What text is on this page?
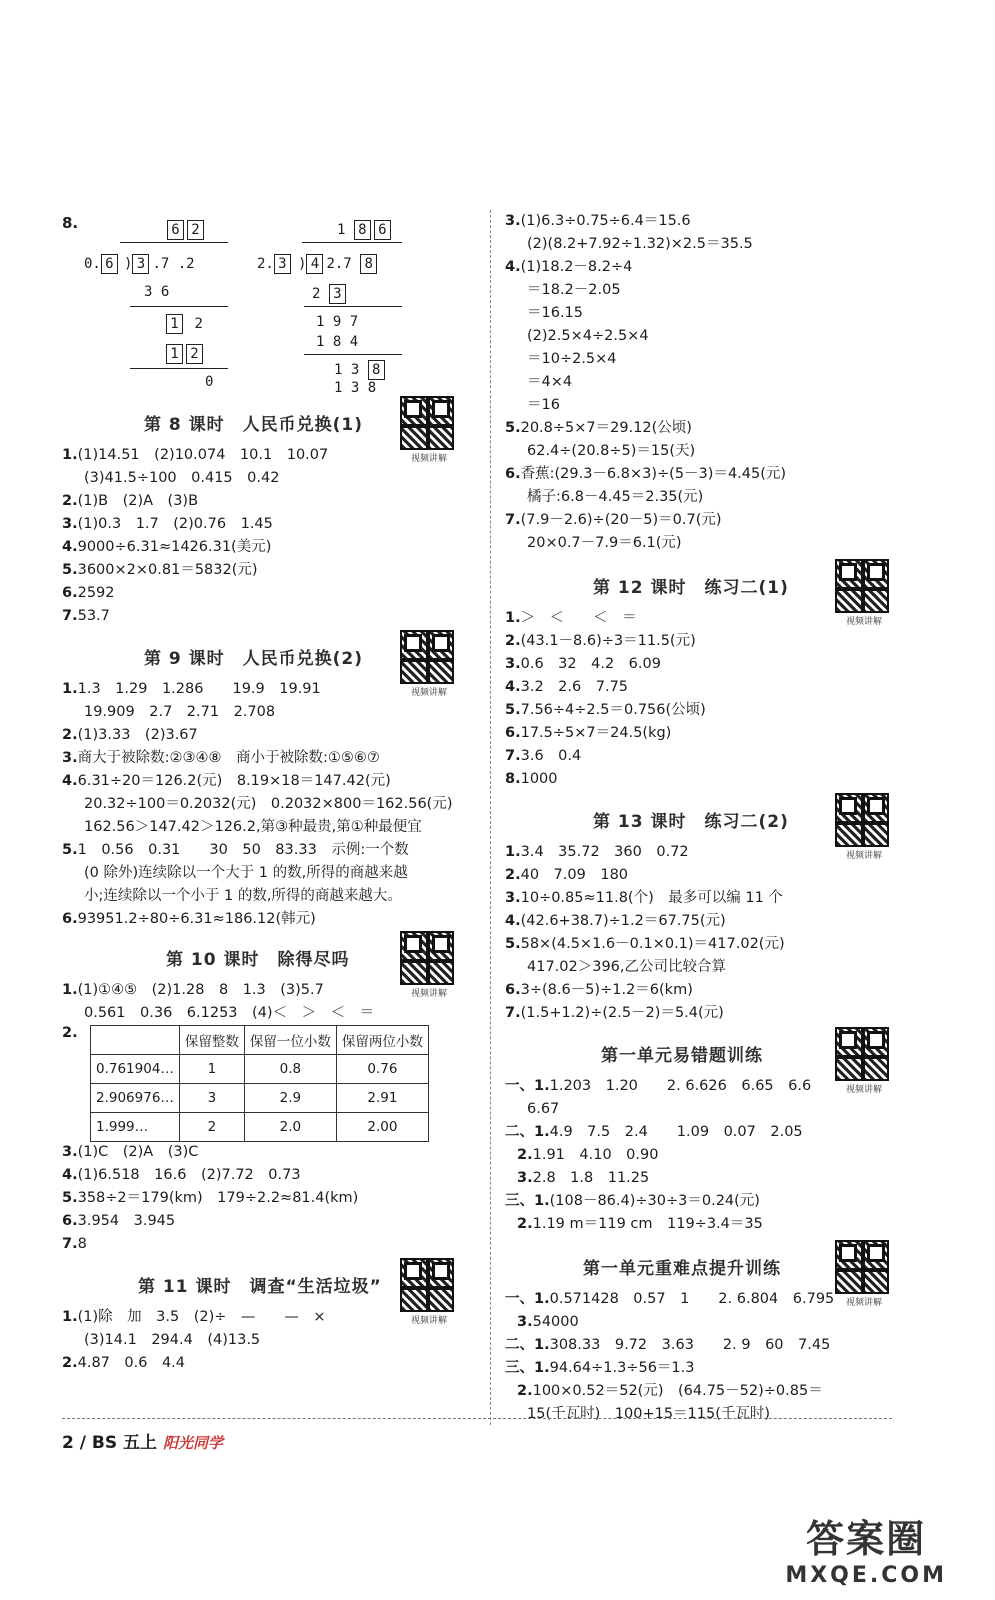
8.	6 2
0. 6 ) 3 .7 .2
3 6
1 2
1 2
0
1 8 6
2. 3 ) 4 2.7 8
2 3
1 9 7
1 8 4
1 3 8
1 3 8
第 8 课时　人民币兑换(1)
视频讲解
1.(1)14.51　(2)10.074　10.1　10.07
(3)41.5÷100　0.415　0.42
2.(1)B　(2)A　(3)B
3.(1)0.3　1.7　(2)0.76　1.45
4.9000÷6.31≈1426.31(美元)
5.3600×2×0.81＝5832(元)
6.2592
7.53.7
第 9 课时　人民币兑换(2)
视频讲解
1.1.3　1.29　1.286　　19.9　19.91
19.909　2.7　2.71　2.708
2.(1)3.33　(2)3.67
3.商大于被除数:②③④⑧　商小于被除数:①⑤⑥⑦
4.6.31÷20＝126.2(元)　8.19×18＝147.42(元)
20.32÷100＝0.2032(元)　0.2032×800＝162.56(元)
162.56＞147.42＞126.2,第③种最贵,第①种最便宜
5.1　0.56　0.31　　30　50　83.33　示例:一个数
(0 除外)连续除以一个大于 1 的数,所得的商越来越
小;连续除以一个小于 1 的数,所得的商越来越大。
6.93951.2÷80÷6.31≈186.12(韩元)
第 10 课时　除得尽吗
视频讲解
1.(1)①④⑤　(2)1.28　8　1.3　(3)5.7
0.561　0.36　6.1253　(4)＜　＞　＜　＝
2.
	保留整数	保留一位小数	保留两位小数
0.761904…	1	0.8	0.76
2.906976…	3	2.9	2.91
1.999…	2	2.0	2.00
3.(1)C　(2)A　(3)C
4.(1)6.518　16.6　(2)7.72　0.73
5.358÷2＝179(km)　179÷2.2≈81.4(km)
6.3.954　3.945
7.8
第 11 课时　调查“生活垃圾”
视频讲解
1.(1)除　加　3.5　(2)÷　—　　—　×
(3)14.1　294.4　(4)13.5
2.4.87　0.6　4.4
3.(1)6.3÷0.75÷6.4＝15.6
(2)(8.2+7.92÷1.32)×2.5＝35.5
4.(1)18.2－8.2÷4
＝18.2－2.05
＝16.15
(2)2.5×4÷2.5×4
＝10÷2.5×4
＝4×4
＝16
5.20.8÷5×7＝29.12(公顷)
62.4÷(20.8÷5)＝15(天)
6.香蕉:(29.3－6.8×3)÷(5－3)＝4.45(元)
橘子:6.8－4.45＝2.35(元)
7.(7.9－2.6)÷(20－5)＝0.7(元)
20×0.7－7.9＝6.1(元)
第 12 课时　练习二(1)
视频讲解
1.＞　＜　　＜　＝
2.(43.1－8.6)÷3＝11.5(元)
3.0.6　32　4.2　6.09
4.3.2　2.6　7.75
5.7.56÷4÷2.5＝0.756(公顷)
6.17.5÷5×7＝24.5(kg)
7.3.6　0.4
8.1000
第 13 课时　练习二(2)
视频讲解
1.3.4　35.72　360　0.72
2.40　7.09　180
3.10÷0.85≈11.8(个)　最多可以编 11 个
4.(42.6+38.7)÷1.2＝67.75(元)
5.58×(4.5×1.6－0.1×0.1)＝417.02(元)
417.02＞396,乙公司比较合算
6.3÷(8.6－5)÷1.2＝6(km)
7.(1.5+1.2)÷(2.5－2)＝5.4(元)
第一单元易错题训练
视频讲解
一、1.1.203　1.20　　2. 6.626　6.65　6.6
6.67
二、1.4.9　7.5　2.4　　1.09　0.07　2.05
2.1.91　4.10　0.90
3.2.8　1.8　11.25
三、1.(108－86.4)÷30÷3＝0.24(元)
2.1.19 m＝119 cm　119÷3.4＝35
第一单元重难点提升训练
视频讲解
一、1.0.571428　0.57　1　　2. 6.804　6.795
3.54000
二、1.308.33　9.72　3.63　　2. 9　60　7.45
三、1.94.64÷1.3÷56＝1.3
2.100×0.52＝52(元)　(64.75－52)÷0.85＝
15(千瓦时)　100+15＝115(千瓦时)
2 / BS 五上 阳光同学
答案圈
MXQE.COM
